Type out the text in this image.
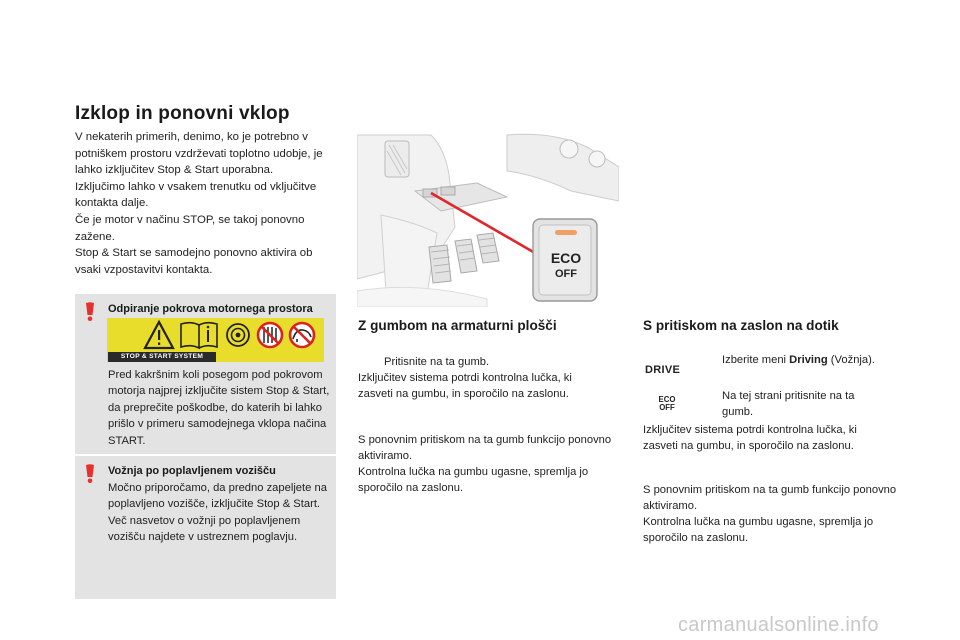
Izklop in ponovni vklop

V nekaterih primerih, denimo, ko je potrebno v potniškem prostoru vzdrževati toplotno udobje, je lahko izključitev Stop & Start uporabna.

Izključimo lahko v vsakem trenutku od vključitve kontakta dalje.

Če je motor v načinu STOP, se takoj ponovno zažene.

Stop & Start se samodejno ponovno aktivira ob vsaki vzpostavitvi kontakta.

Odpiranje pokrova motornega prostora
STOP & START SYSTEM
Pred kakršnim koli posegom pod pokrovom motorja najprej izključite sistem Stop & Start, da preprečite poškodbe, do katerih bi lahko prišlo v primeru samodejnega vklopa načina START.
Vožnja po poplavljenem vozišču
Močno priporočamo, da predno zapeljete na poplavljeno vozišče, izključite Stop & Start. Več nasvetov o vožnji po poplavljenem vozišču najdete v ustreznem poglavju.
ECO
OFF
Z gumbom na armaturni plošči
Pritisnite na ta gumb.
Izključitev sistema potrdi kontrolna lučka, ki zasveti na gumbu, in sporočilo na zaslonu.
S ponovnim pritiskom na ta gumb funkcijo ponovno aktiviramo.
Kontrolna lučka na gumbu ugasne, spremlja jo sporočilo na zaslonu.
S pritiskom na zaslon na dotik
DRIVE
ECO
OFF
Izberite meni Driving (Vožnja).
Na tej strani pritisnite na ta gumb.
Izključitev sistema potrdi kontrolna lučka, ki zasveti na gumbu, in sporočilo na zaslonu.
S ponovnim pritiskom na ta gumb funkcijo ponovno aktiviramo.
Kontrolna lučka na gumbu ugasne, spremlja jo sporočilo na zaslonu.
carmanualsonline.info
